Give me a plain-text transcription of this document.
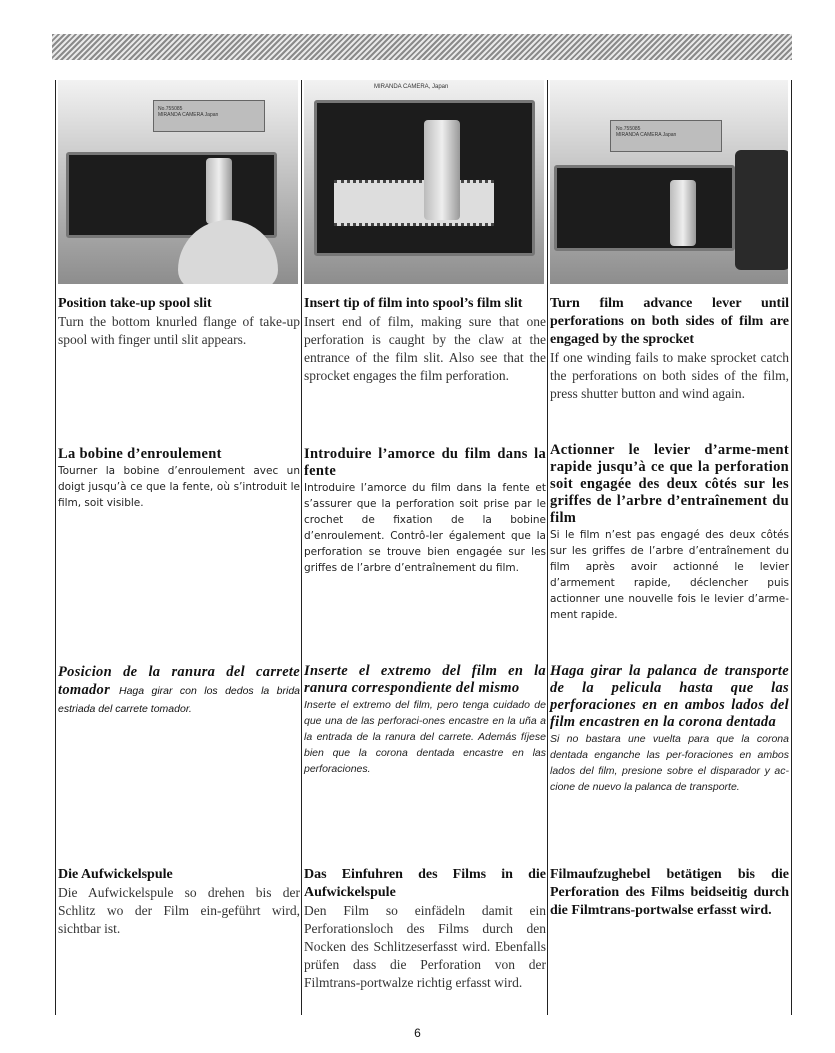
No.755085
MIRANDA CAMERA Japan
Position take-up spool slit
Turn the bottom knurled flange of take-up spool with finger until slit appears.
La bobine d’enroulement
Tourner la bobine d’enroulement avec un doigt jusqu’à ce que la fente, où s’introduit le film, soit visible.
Posicion de la ranura del carrete tomador Haga girar con los dedos la brida estriada del carrete tomador.
Die Aufwickelspule
Die Aufwickelspule so drehen bis der Schlitz wo der Film ein-geführt wird, sichtbar ist.
MIRANDA CAMERA, Japan
Insert tip of film into spool’s film slit
Insert end of film, making sure that one perforation is caught by the claw at the entrance of the film slit. Also see that the sprocket engages the film perforation.
Introduire l’amorce du film dans la fente
Introduire l’amorce du film dans la fente et s’assurer que la perforation soit prise par le crochet de fixation de la bobine d’enroulement. Contrô-ler également que la perforation se trouve bien engagée sur les griffes de l’arbre d’entraînement du film.
Inserte el extremo del film en la ranura correspondiente del mismo
Inserte el extremo del film, pero tenga cuidado de que una de las perforaci-ones encastre en la uña a la entrada de la ranura del carrete. Además fíjese bien que la corona dentada encastre en las perforaciones.
Das Einfuhren des Films in die Aufwickelspule
Den Film so einfädeln damit ein Perforationsloch des Films durch den Nocken des Schlitzeserfasst wird. Ebenfalls prüfen dass die Perforation von der Filmtrans-portwalze richtig erfasst wird.
No.755085
MIRANDA CAMERA Japan
Turn film advance lever until perforations on both sides of film are engaged by the sprocket
If one winding fails to make sprocket catch the perforations on both sides of the film, press shutter button and wind again.
Actionner le levier d’arme-ment rapide jusqu’à ce que la perforation soit engagée des deux côtés sur les griffes de l’arbre d’entraînement du film
Si le film n’est pas engagé des deux côtés sur les griffes de l’arbre d’entraînement du film après avoir actionné le levier d’armement rapide, déclencher puis actionner une nouvelle fois le levier d’arme-ment rapide.
Haga girar la palanca de transporte de la pelicula hasta que las perforaciones en en ambos lados del film encastren en la corona dentada
Si no bastara une vuelta para que la corona dentada enganche las per-foraciones en ambos lados del film, presione sobre el disparador y ac-cione de nuevo la palanca de transporte.
Filmaufzughebel betätigen bis die Perforation des Films beidseitig durch die Filmtrans-portwalse erfasst wird.
6
